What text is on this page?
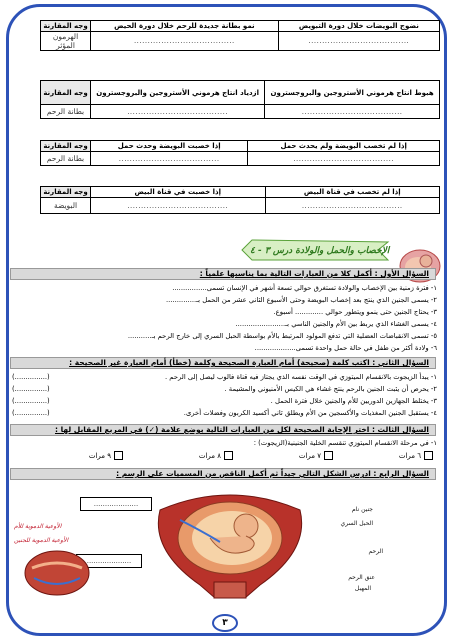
نضوج البويضات خلال دورة التبويض	نمو بطانة جديدة للرحم خلال دورة الحيض	وجه المقارنة
.....................................	.....................................	الهرمون المؤثر
هبوط انتاج هرموني الأستروجين والبروجسترون	ازدياد انتاج هرموني الأستروجين والبروجسترون	وجه المقارنة
.....................................	.....................................	بطانة الرحم
إذا لم تخصب البويضة ولم يحدث حمل	إذا خصبت البويضة وحدث حمل	وجه المقارنة
.....................................	.....................................	بطانة الرحم
إذا لم تخصب في قناة البيض	إذا خصبت في قناة البيض	وجه المقارنة
.....................................	.....................................	البويضة
الإخصاب والحمل والولادة درس ٣ - ٤
السؤال الأول : أكمل كلا من العبارات التالية بما يناسبها علمياً :
١- فترة زمنية بين الإخصاب والولادة تستغرق حوالي تسعة أشهر في الإنسان تسمى................
٢- يسمى الجنين الذي ينتج بعد إخصاب البويضة وحتى الأسبوع الثاني عشر من الحمل بـ..............
٣- يحتاج الجنين حتى ينمو ويتطور حوالي ............. أسبوع.
٤- يسمى الغشاء الذي يربط بين الأم والجنين الناسي بـ.......................
٥- تسمى الانقباضات العضلية التي تدفع المولود المرتبط بالأم بواسطة الحبل السري إلى خارج الرحم بـ...........
٦- ولادة أكثر من طفل في حالة حمل واحدة تسمى...................
السؤال الثاني : اكتب كلمة (صحيحة) أمام العبارة الصحيحة وكلمة (خطأ) أمام العبارة غير الصحيحة :
١- يبدأ الزيجوت بالانقسام الميتوزي في الوقت نفسه الذي يجتاز فيه قناة فالوب ليصل إلى الرحم .
(...............)
٢- يحرص أن يثبت الجنين بالرحم ينتج غشاء هي الكيس الأمنيوني والمشيمة .
(...............)
٣- يختلط الجهازين الدوريين للأم والجنين خلال فترة الحمل .
(...............)
٤- يستقبل الجنين المغذيات والأكسجين من الأم ويطلق ثاني أكسيد الكربون وفضلات أخرى.
(...............)
السؤال الثالث : اختر الإجابة الصحيحة لكل من العبارات التالية بوضع علامة (✓) في المربع المقابل لها :
١- في مرحلة الانقسام الميتوزي تنقسم الخلية الجنينية(الزيجوت) :
٦ مرات
٧ مرات
٨ مرات
٩ مرات
السؤال الرابع : ادرس الشكل التالي جيداً ثم أكمل الناقص من المسميات على الرسم :
جنين نام
الحبل السري
الرحم
عنق الرحم
المهبل
....................
....................
الأوعية الدموية للأم
الأوعية الدموية للجنين
٣
